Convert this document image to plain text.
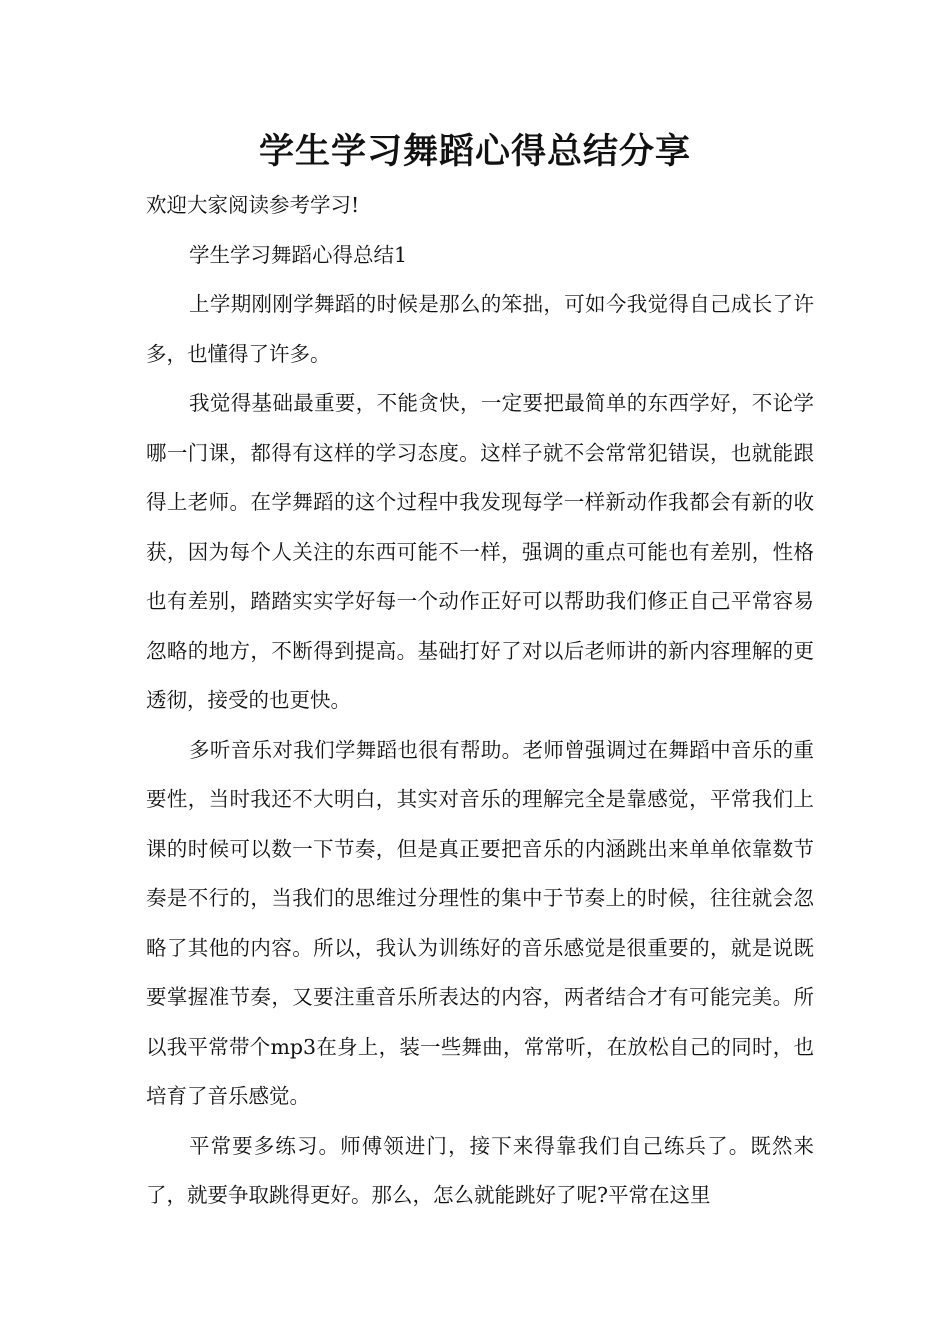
学生学习舞蹈心得总结分享

欢迎大家阅读参考学习!

学生学习舞蹈心得总结1

上学期刚刚学舞蹈的时候是那么的笨拙，可如今我觉得自己成长了许多，也懂得了许多。

我觉得基础最重要，不能贪快，一定要把最简单的东西学好，不论学哪一门课，都得有这样的学习态度。这样子就不会常常犯错误，也就能跟得上老师。在学舞蹈的这个过程中我发现每学一样新动作我都会有新的收获，因为每个人关注的东西可能不一样，强调的重点可能也有差别，性格也有差别，踏踏实实学好每一个动作正好可以帮助我们修正自己平常容易忽略的地方，不断得到提高。基础打好了对以后老师讲的新内容理解的更透彻，接受的也更快。

多听音乐对我们学舞蹈也很有帮助。老师曾强调过在舞蹈中音乐的重要性，当时我还不大明白，其实对音乐的理解完全是靠感觉，平常我们上课的时候可以数一下节奏，但是真正要把音乐的内涵跳出来单单依靠数节奏是不行的，当我们的思维过分理性的集中于节奏上的时候，往往就会忽略了其他的内容。所以，我认为训练好的音乐感觉是很重要的，就是说既要掌握准节奏，又要注重音乐所表达的内容，两者结合才有可能完美。所以我平常带个mp3在身上，装一些舞曲，常常听，在放松自己的同时，也培育了音乐感觉。

平常要多练习。师傅领进门，接下来得靠我们自己练兵了。既然来了，就要争取跳得更好。那么，怎么就能跳好了呢?平常在这里
